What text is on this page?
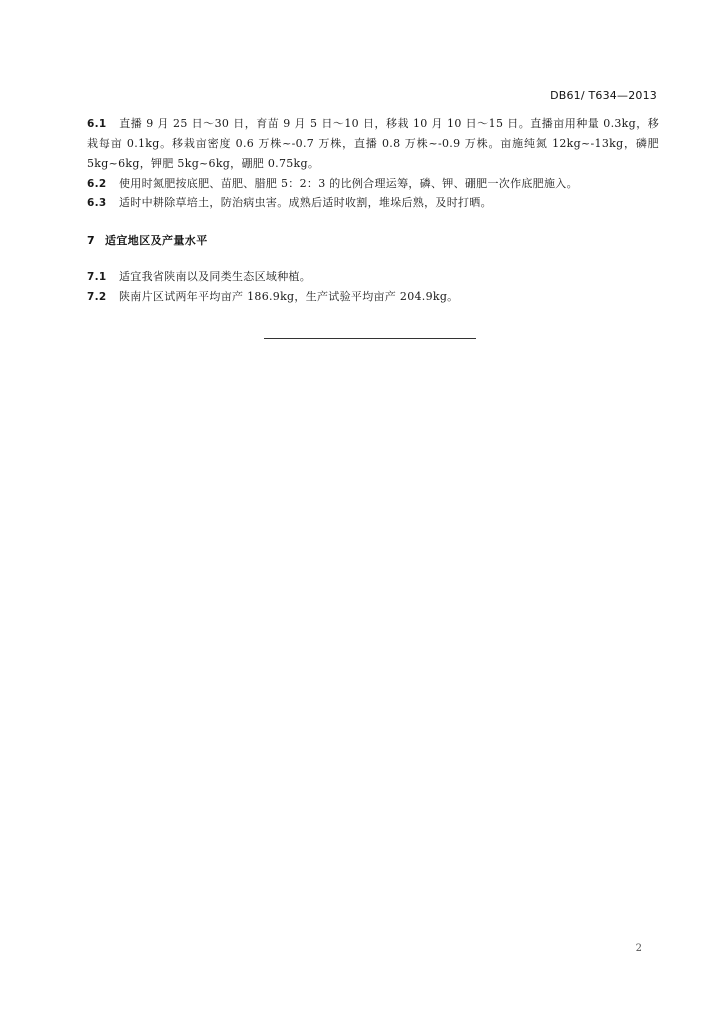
DB61/ T634—2013
6.1 直播 9 月 25 日～30 日，育苗 9 月 5 日～10 日，移栽 10 月 10 日～15 日。直播亩用种量 0.3kg，移栽每亩 0.1kg。移栽亩密度 0.6 万株~-0.7 万株，直播 0.8 万株~-0.9 万株。亩施纯氮 12kg~-13kg，磷肥 5kg~6kg，钾肥 5kg~6kg，硼肥 0.75kg。
6.2 使用时氮肥按底肥、苗肥、腊肥 5：2：3 的比例合理运筹，磷、钾、硼肥一次作底肥施入。
6.3 适时中耕除草培土，防治病虫害。成熟后适时收割，堆垛后熟，及时打晒。
7 适宜地区及产量水平
7.1 适宜我省陕南以及同类生态区域种植。
7.2 陕南片区试两年平均亩产 186.9kg，生产试验平均亩产 204.9kg。
2
